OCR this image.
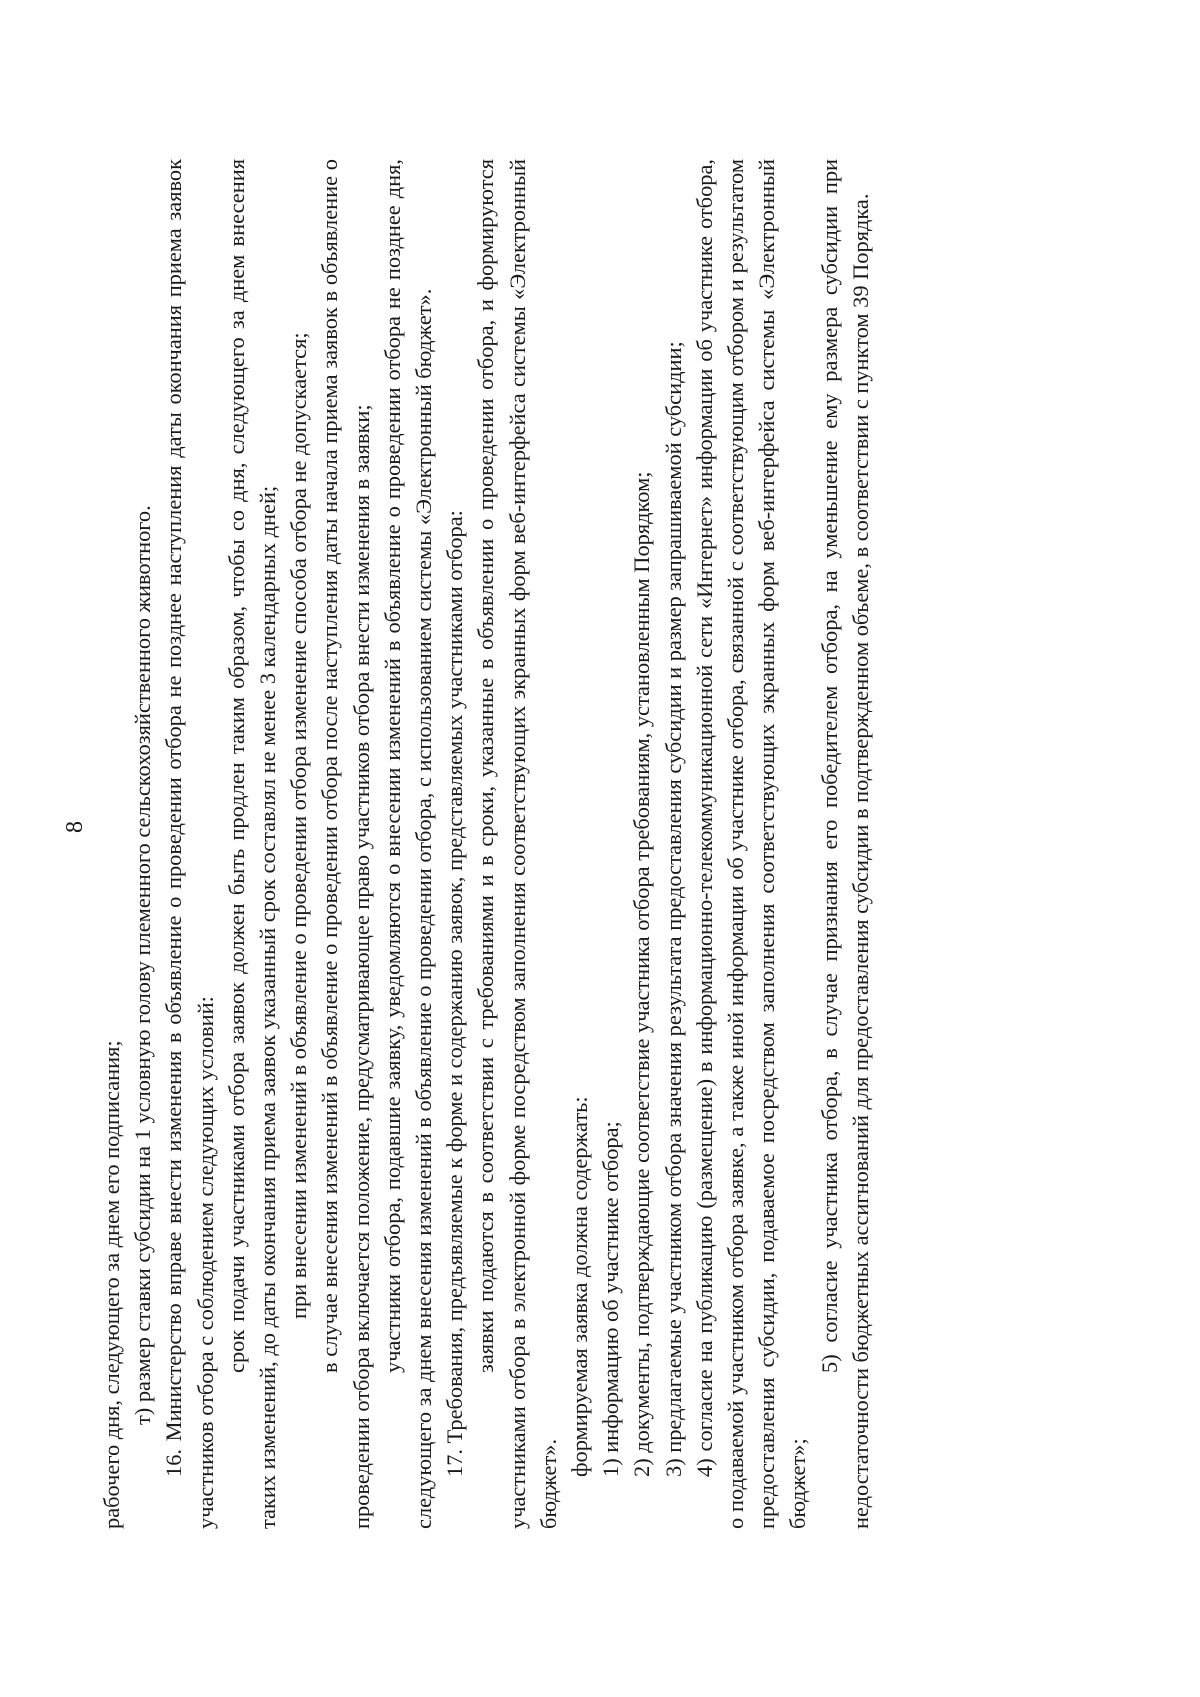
8

рабочего дня, следующего за днем его подписания; т) размер ставки субсидии на 1 условную голову племенного сельскохозяйственного животного. 16. Министерство вправе внести изменения в объявление о проведении отбора не позднее наступления даты окончания приема заявок участников отбора с соблюдением следующих условий: срок подачи участниками отбора заявок должен быть продлен таким образом, чтобы со дня, следующего за днем внесения таких изменений, до даты окончания приема заявок указанный срок составлял не менее 3 календарных дней; при внесении изменений в объявление о проведении отбора изменение способа отбора не допускается; в случае внесения изменений в объявление о проведении отбора после наступления даты начала приема заявок в объявление о проведении отбора включается положение, предусматривающее право участников отбора внести изменения в заявки; участники отбора, подавшие заявку, уведомляются о внесении изменений в объявление о проведении отбора не позднее дня, следующего за днем внесения изменений в объявление о проведении отбора, с использованием системы «Электронный бюджет». 17. Требования, предъявляемые к форме и содержанию заявок, представляемых участниками отбора: заявки подаются в соответствии с требованиями и в сроки, указанные в объявлении о проведении отбора, и формируются участниками отбора в электронной форме посредством заполнения соответствующих экранных форм веб-интерфейса системы «Электронный бюджет».

формируемая заявка должна содержать: 1) информацию об участнике отбора; 2) документы, подтверждающие соответствие участника отбора требованиям, установленным Порядком; 3) предлагаемые участником отбора значения результата предоставления субсидии и размер запрашиваемой субсидии; 4) согласие на публикацию (размещение) в информационно-телекоммуникационной сети «Интернет» информации об участнике отбора, о подаваемой участником отбора заявке, а также иной информации об участнике отбора, связанной с соответствующим отбором и результатом предоставления субсидии, подаваемое посредством заполнения соответствующих экранных форм веб-интерфейса системы «Электронный бюджет»;

5) согласие участника отбора, в случае признания его победителем отбора, на уменьшение ему размера субсидии при недостаточности бюджетных ассигнований для предоставления субсидии в подтвержденном объеме, в соответствии с пунктом 39 Порядка.
